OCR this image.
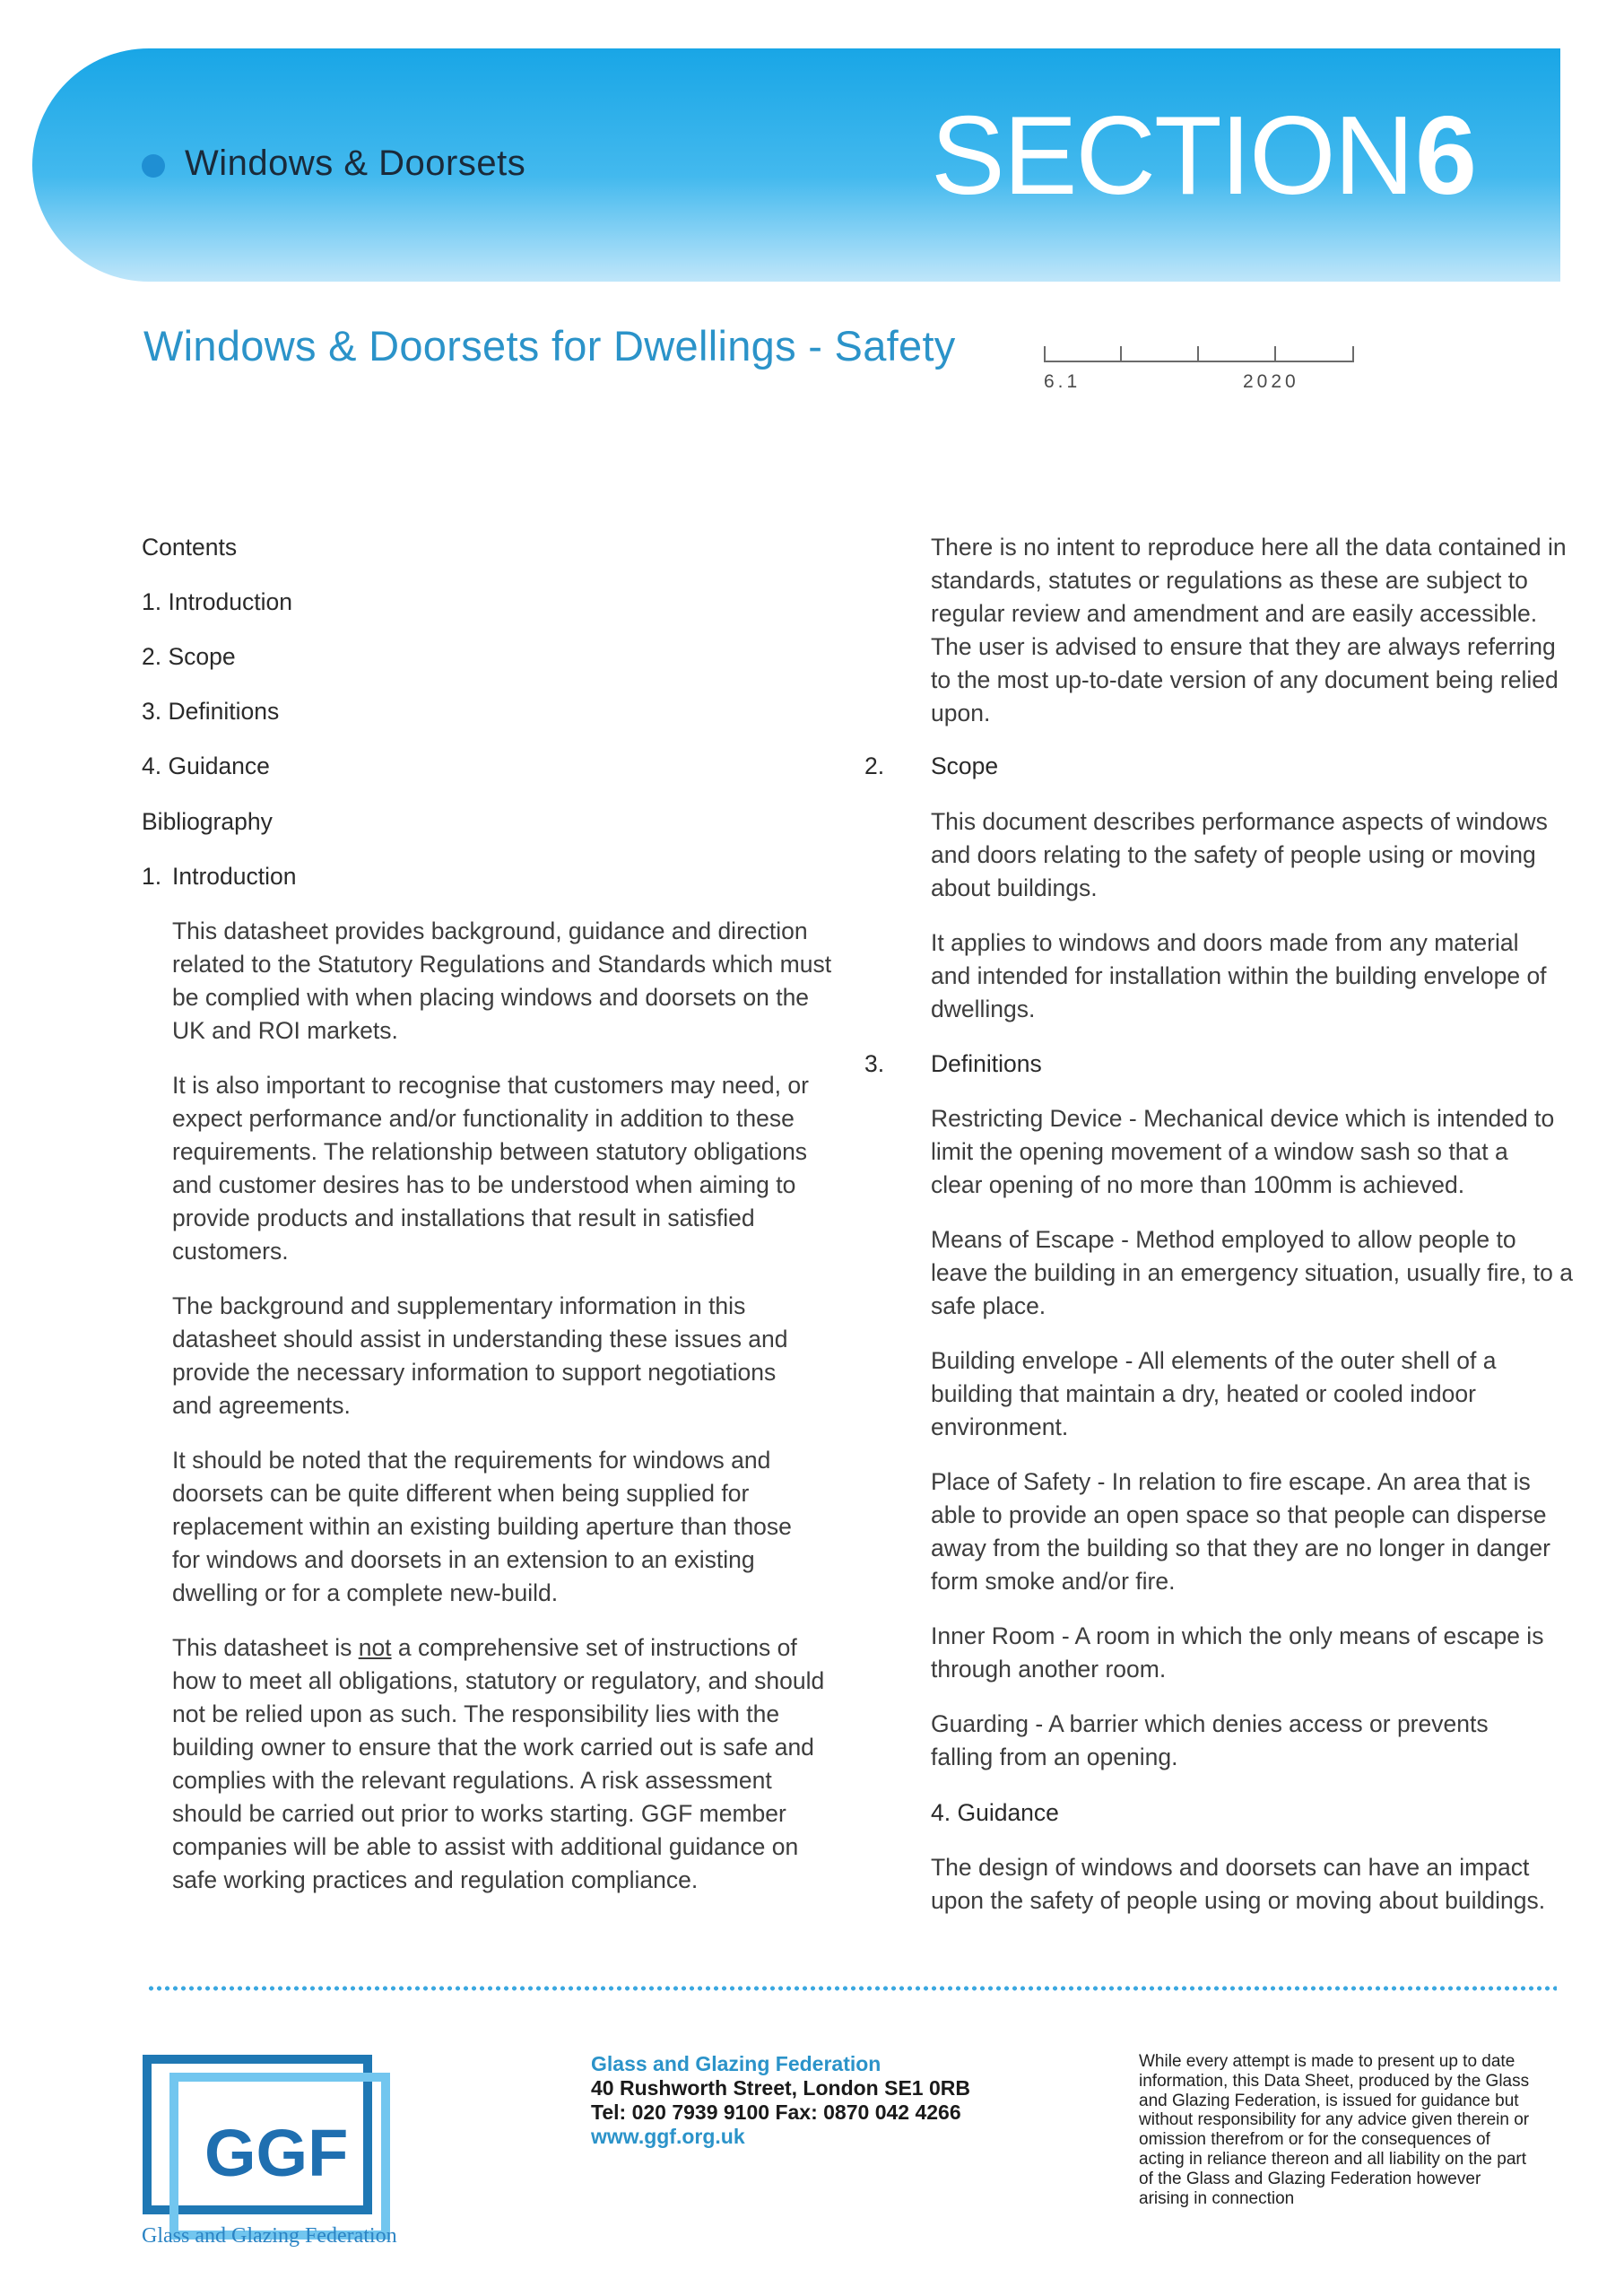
Windows & Doorsets	SECTION 6
Windows & Doorsets for Dwellings - Safety
6.1	2020
Contents
1. Introduction
2. Scope
3. Definitions
4. Guidance
Bibliography
1. Introduction
This datasheet provides background, guidance and direction related to the Statutory Regulations and Standards which must be complied with when placing windows and doorsets on the UK and ROI markets.
It is also important to recognise that customers may need, or expect performance and/or functionality in addition to these requirements. The relationship between statutory obligations and customer desires has to be understood when aiming to provide products and installations that result in satisfied customers.
The background and supplementary information in this datasheet should assist in understanding these issues and provide the necessary information to support negotiations and agreements.
It should be noted that the requirements for windows and doorsets can be quite different when being supplied for replacement within an existing building aperture than those for windows and doorsets in an extension to an existing dwelling or for a complete new-build.
This datasheet is not a comprehensive set of instructions of how to meet all obligations, statutory or regulatory, and should not be relied upon as such. The responsibility lies with the building owner to ensure that the work carried out is safe and complies with the relevant regulations. A risk assessment should be carried out prior to works starting. GGF member companies will be able to assist with additional guidance on safe working practices and regulation compliance.
There is no intent to reproduce here all the data contained in standards, statutes or regulations as these are subject to regular review and amendment and are easily accessible. The user is advised to ensure that they are always referring to the most up-to-date version of any document being relied upon.
2. Scope
This document describes performance aspects of windows and doors relating to the safety of people using or moving about buildings.
It applies to windows and doors made from any material and intended for installation within the building envelope of dwellings.
3. Definitions
Restricting Device - Mechanical device which is intended to limit the opening movement of a window sash so that a clear opening of no more than 100mm is achieved.
Means of Escape - Method employed to allow people to leave the building in an emergency situation, usually fire, to a safe place.
Building envelope - All elements of the outer shell of a building that maintain a dry, heated or cooled indoor environment.
Place of Safety - In relation to fire escape. An area that is able to provide an open space so that people can disperse away from the building so that they are no longer in danger form smoke and/or fire.
Inner Room - A room in which the only means of escape is through another room.
Guarding - A barrier which denies access or prevents falling from an opening.
4. Guidance
The design of windows and doorsets can have an impact upon the safety of people using or moving about buildings.
GGF
Glass and Glazing Federation
Glass and Glazing Federation
40 Rushworth Street, London SE1 0RB
Tel: 020 7939 9100 Fax: 0870 042 4266
www.ggf.org.uk
While every attempt is made to present up to date information, this Data Sheet, produced by the Glass and Glazing Federation, is issued for guidance but without responsibility for any advice given therein or omission therefrom or for the consequences of acting in reliance thereon and all liability on the part of the Glass and Glazing Federation however arising in connection
